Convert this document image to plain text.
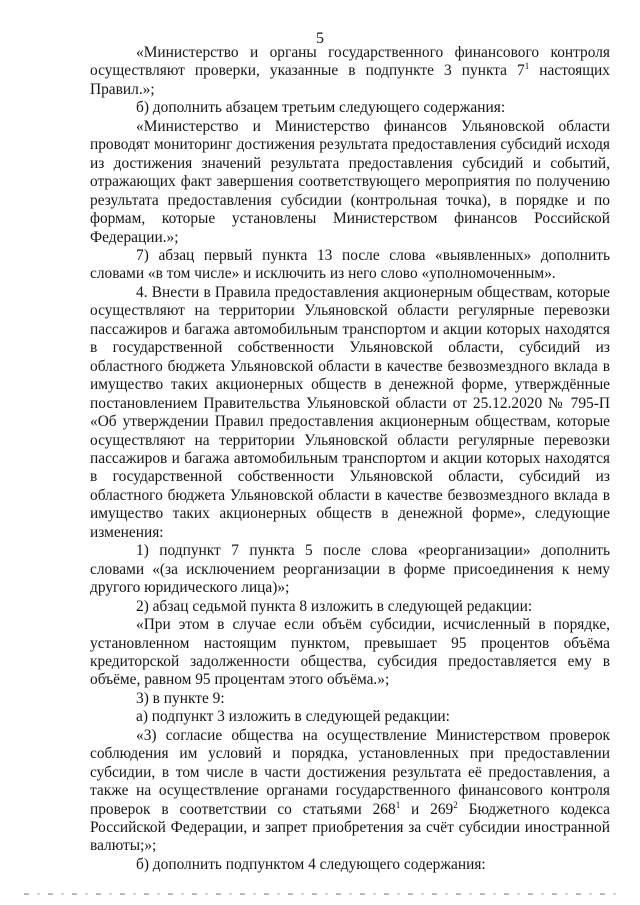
5

«Министерство и органы государственного финансового контроля осуществляют проверки, указанные в подпункте 3 пункта $7^1$ настоящих Правил.»;

б) дополнить абзацем третьим следующего содержания:

«Министерство и Министерство финансов Ульяновской области проводят мониторинг достижения результата предоставления субсидий исходя из достижения значений результата предоставления субсидий и событий, отражающих факт завершения соответствующего мероприятия по получению результата предоставления субсидии (контрольная точка), в порядке и по формам, которые установлены Министерством финансов Российской Федерации.»;

7) абзац первый пункта 13 после слова «выявленных» дополнить словами «в том числе» и исключить из него слово «уполномоченным».

4. Внести в Правила предоставления акционерным обществам, которые осуществляют на территории Ульяновской области регулярные перевозки пассажиров и багажа автомобильным транспортом и акции которых находятся в государственной собственности Ульяновской области, субсидий из областного бюджета Ульяновской области в качестве безвозмездного вклада в имущество таких акционерных обществ в денежной форме, утверждённые постановлением Правительства Ульяновской области от 25.12.2020 № 795-П «Об утверждении Правил предоставления акционерным обществам, которые осуществляют на территории Ульяновской области регулярные перевозки пассажиров и багажа автомобильным транспортом и акции которых находятся в государственной собственности Ульяновской области, субсидий из областного бюджета Ульяновской области в качестве безвозмездного вклада в имущество таких акционерных обществ в денежной форме», следующие изменения:

1) подпункт 7 пункта 5 после слова «реорганизации» дополнить словами «(за исключением реорганизации в форме присоединения к нему другого юридического лица)»;

2) абзац седьмой пункта 8 изложить в следующей редакции:

«При этом в случае если объём субсидии, исчисленный в порядке, установленном настоящим пунктом, превышает 95 процентов объёма кредиторской задолженности общества, субсидия предоставляется ему в объёме, равном 95 процентам этого объёма.»;

3) в пункте 9:

а) подпункт 3 изложить в следующей редакции:

«3) согласие общества на осуществление Министерством проверок соблюдения им условий и порядка, установленных при предоставлении субсидии, в том числе в части достижения результата её предоставления, а также на осуществление органами государственного финансового контроля проверок в соответствии со статьями $268^1$ и $269^2$ Бюджетного кодекса Российской Федерации, и запрет приобретения за счёт субсидии иностранной валюты;»;

б) дополнить подпунктом 4 следующего содержания:
